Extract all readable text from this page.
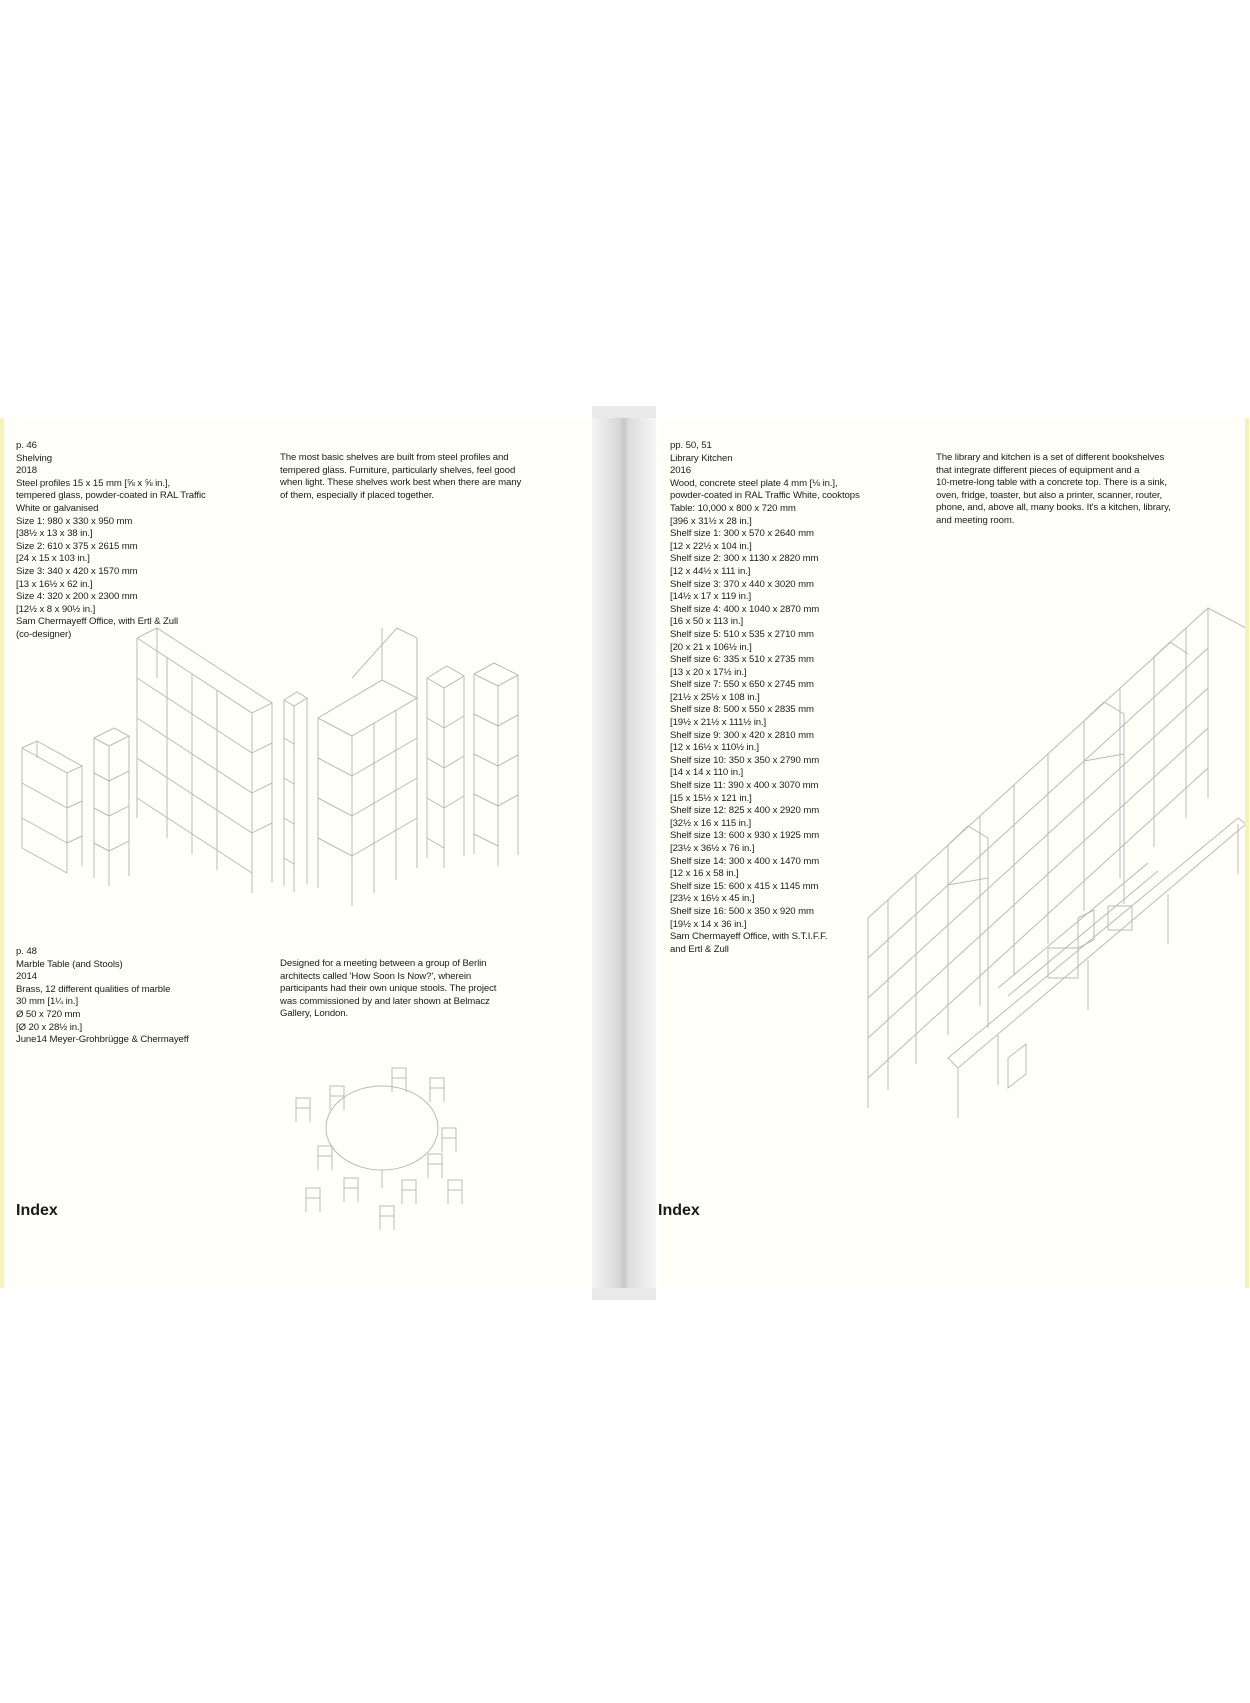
p. 46
Shelving
2018
Steel profiles 15 x 15 mm [⅝ x ⅝ in.],
tempered glass, powder-coated in RAL Traffic
White or galvanised
Size 1: 980 x 330 x 950 mm
[38½ x 13 x 38 in.]
Size 2: 610 x 375 x 2615 mm
[24 x 15 x 103 in.]
Size 3: 340 x 420 x 1570 mm
[13 x 16½ x 62 in.]
Size 4: 320 x 200 x 2300 mm
[12½ x 8 x 90½ in.]
Sam Chermayeff Office, with Ertl & Zull
(co-designer)
The most basic shelves are built from steel profiles and
tempered glass. Furniture, particularly shelves, feel good
when light. These shelves work best when there are many
of them, especially if placed together.
p. 48
Marble Table (and Stools)
2014
Brass, 12 different qualities of marble
30 mm [1¼ in.]
Ø 50 x 720 mm
[Ø 20 x 28½ in.]
June14 Meyer-Grohbrügge & Chermayeff
Designed for a meeting between a group of Berlin
architects called 'How Soon Is Now?', wherein
participants had their own unique stools. The project
was commissioned by and later shown at Belmacz
Gallery, London.
Index
pp. 50, 51
Library Kitchen
2016
Wood, concrete steel plate 4 mm [⅛ in.],
powder-coated in RAL Traffic White, cooktops
Table: 10,000 x 800 x 720 mm
[396 x 31½ x 28 in.]
Shelf size 1: 300 x 570 x 2640 mm
[12 x 22½ x 104 in.]
Shelf size 2: 300 x 1130 x 2820 mm
[12 x 44½ x 111 in.]
Shelf size 3: 370 x 440 x 3020 mm
[14½ x 17 x 119 in.]
Shelf size 4: 400 x 1040 x 2870 mm
[16 x 50 x 113 in.]
Shelf size 5: 510 x 535 x 2710 mm
[20 x 21 x 106½ in.]
Shelf size 6: 335 x 510 x 2735 mm
[13 x 20 x 17½ in.]
Shelf size 7: 550 x 650 x 2745 mm
[21½ x 25½ x 108 in.]
Shelf size 8: 500 x 550 x 2835 mm
[19½ x 21½ x 111½ in.]
Shelf size 9: 300 x 420 x 2810 mm
[12 x 16½ x 110½ in.]
Shelf size 10: 350 x 350 x 2790 mm
[14 x 14 x 110 in.]
Shelf size 11: 390 x 400 x 3070 mm
[15 x 15½ x 121 in.]
Shelf size 12: 825 x 400 x 2920 mm
[32½ x 16 x 115 in.]
Shelf size 13: 600 x 930 x 1925 mm
[23½ x 36½ x 76 in.]
Shelf size 14: 300 x 400 x 1470 mm
[12 x 16 x 58 in.]
Shelf size 15: 600 x 415 x 1145 mm
[23½ x 16½ x 45 in.]
Shelf size 16: 500 x 350 x 920 mm
[19½ x 14 x 36 in.]
Sam Chermayeff Office, with S.T.I.F.F.
and Ertl & Zull
The library and kitchen is a set of different bookshelves
that integrate different pieces of equipment and a
10-metre-long table with a concrete top. There is a sink,
oven, fridge, toaster, but also a printer, scanner, router,
phone, and, above all, many books. It's a kitchen, library,
and meeting room.
Index
